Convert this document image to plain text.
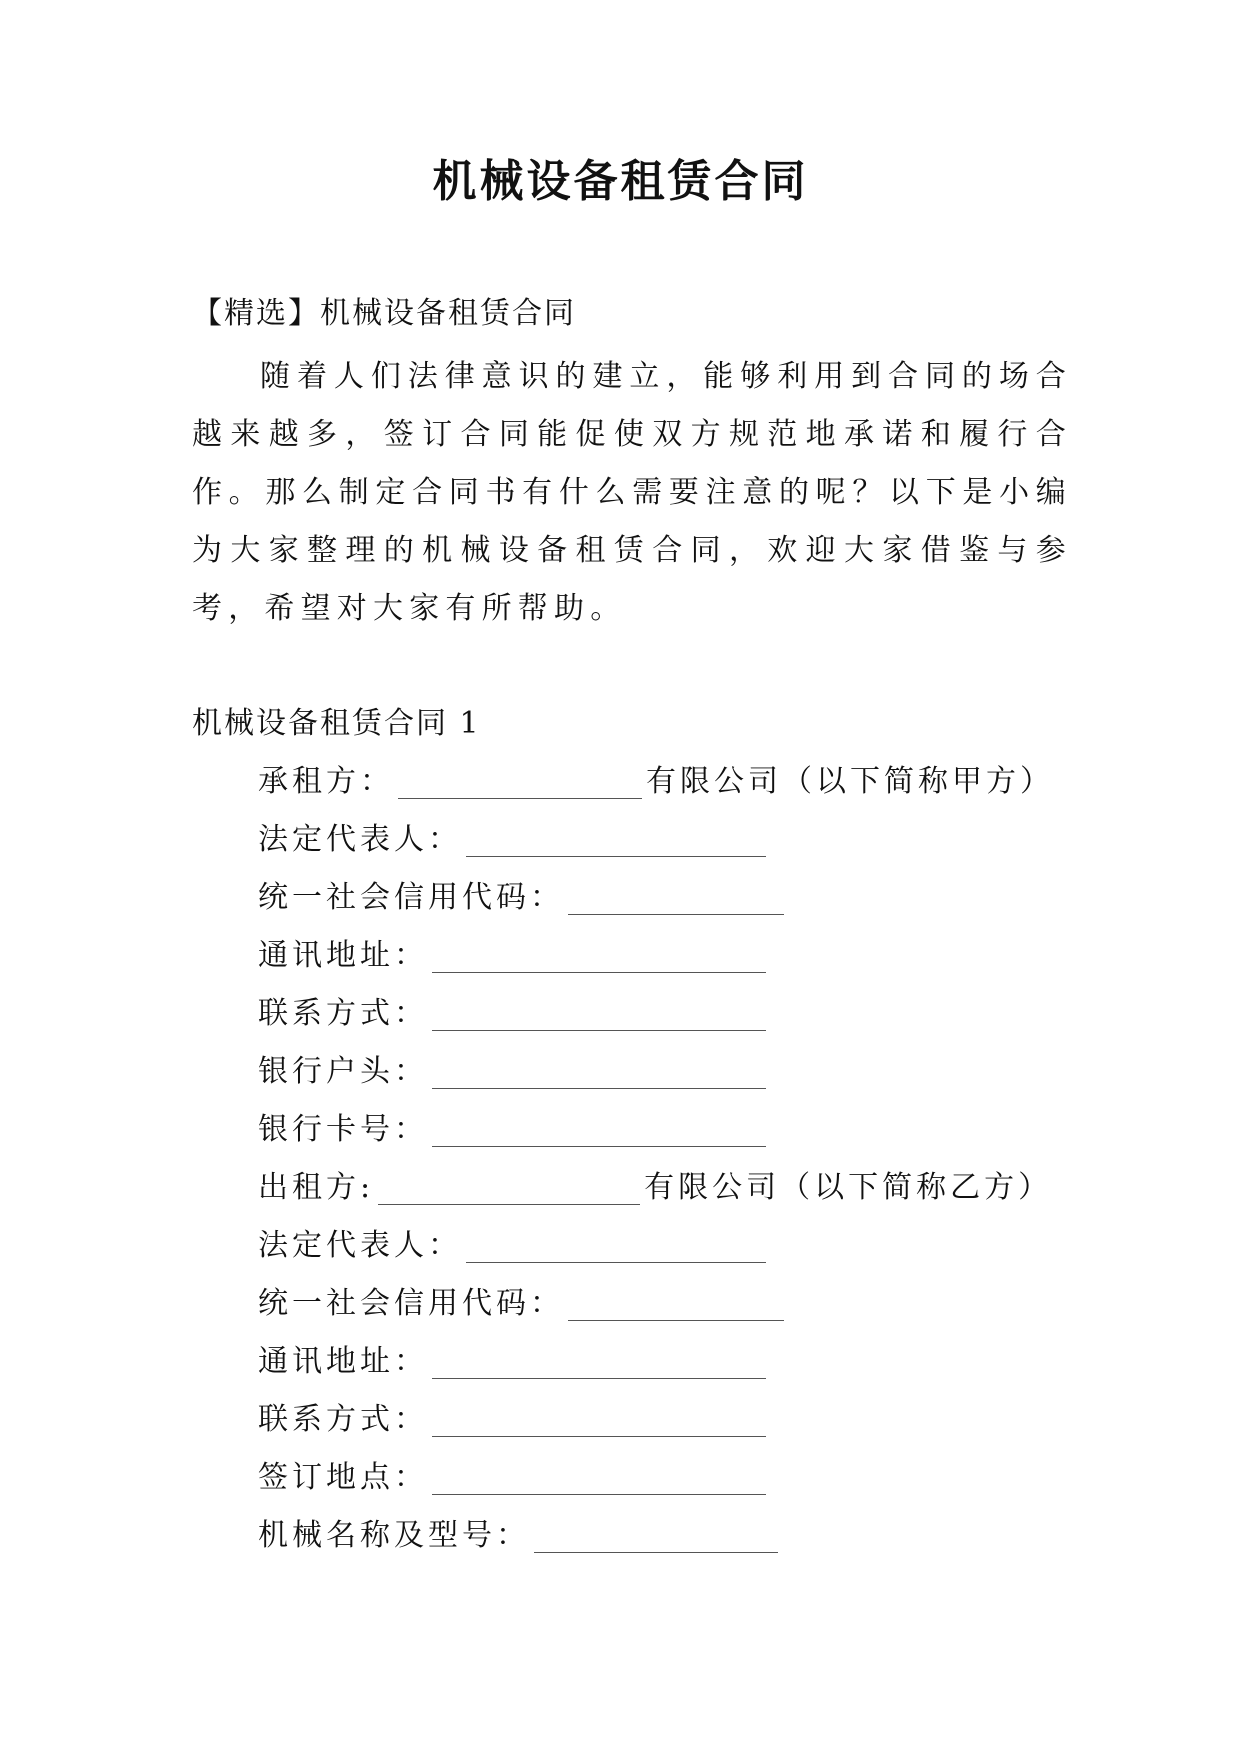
机械设备租赁合同
【精选】机械设备租赁合同

随着人们法律意识的建立，能够利用到合同的场合越来越多，签订合同能促使双方规范地承诺和履行合作。那么制定合同书有什么需要注意的呢？以下是小编为大家整理的机械设备租赁合同，欢迎大家借鉴与参考，希望对大家有所帮助。

机械设备租赁合同 1
承租方：	有限公司（以下简称甲方）
法定代表人：
统一社会信用代码：
通讯地址：
联系方式：
银行户头：
银行卡号：
出租方:	有限公司（以下简称乙方）
法定代表人：
统一社会信用代码：
通讯地址：
联系方式：
签订地点：
机械名称及型号：
